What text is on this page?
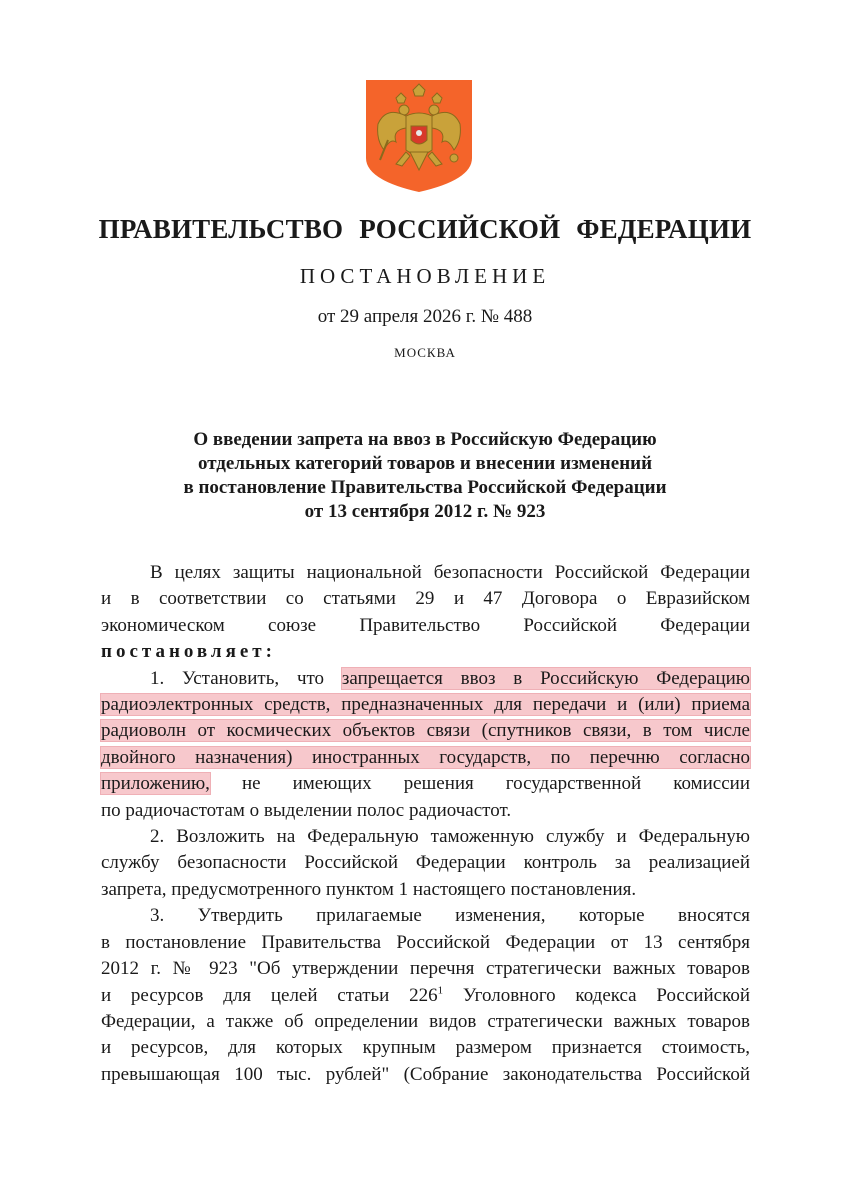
ПРАВИТЕЛЬСТВО РОССИЙСКОЙ ФЕДЕРАЦИИ
ПОСТАНОВЛЕНИЕ
от 29 апреля 2026 г. № 488
МОСКВА
О введении запрета на ввоз в Российскую Федерацию
отдельных категорий товаров и внесении изменений
в постановление Правительства Российской Федерации
от 13 сентября 2012 г. № 923
В целях защиты национальной безопасности Российской Федерации
и в соответствии со статьями 29 и 47 Договора о Евразийском
экономическом союзе Правительство Российской Федерации
постановляет:
1. Установить, что запрещается ввоз в Российскую Федерацию
радиоэлектронных средств, предназначенных для передачи и (или) приема
радиоволн от космических объектов связи (спутников связи, в том числе
двойного назначения) иностранных государств, по перечню согласно
приложению, не имеющих решения государственной комиссии
по радиочастотам о выделении полос радиочастот.
2. Возложить на Федеральную таможенную службу и Федеральную
службу безопасности Российской Федерации контроль за реализацией
запрета, предусмотренного пунктом 1 настоящего постановления.
3. Утвердить прилагаемые изменения, которые вносятся
в постановление Правительства Российской Федерации от 13 сентября
2012 г. № 923 "Об утверждении перечня стратегически важных товаров
и ресурсов для целей статьи $226^1$ Уголовного кодекса Российской
Федерации, а также об определении видов стратегически важных товаров
и ресурсов, для которых крупным размером признается стоимость,
превышающая 100 тыс. рублей" (Собрание законодательства Российской
